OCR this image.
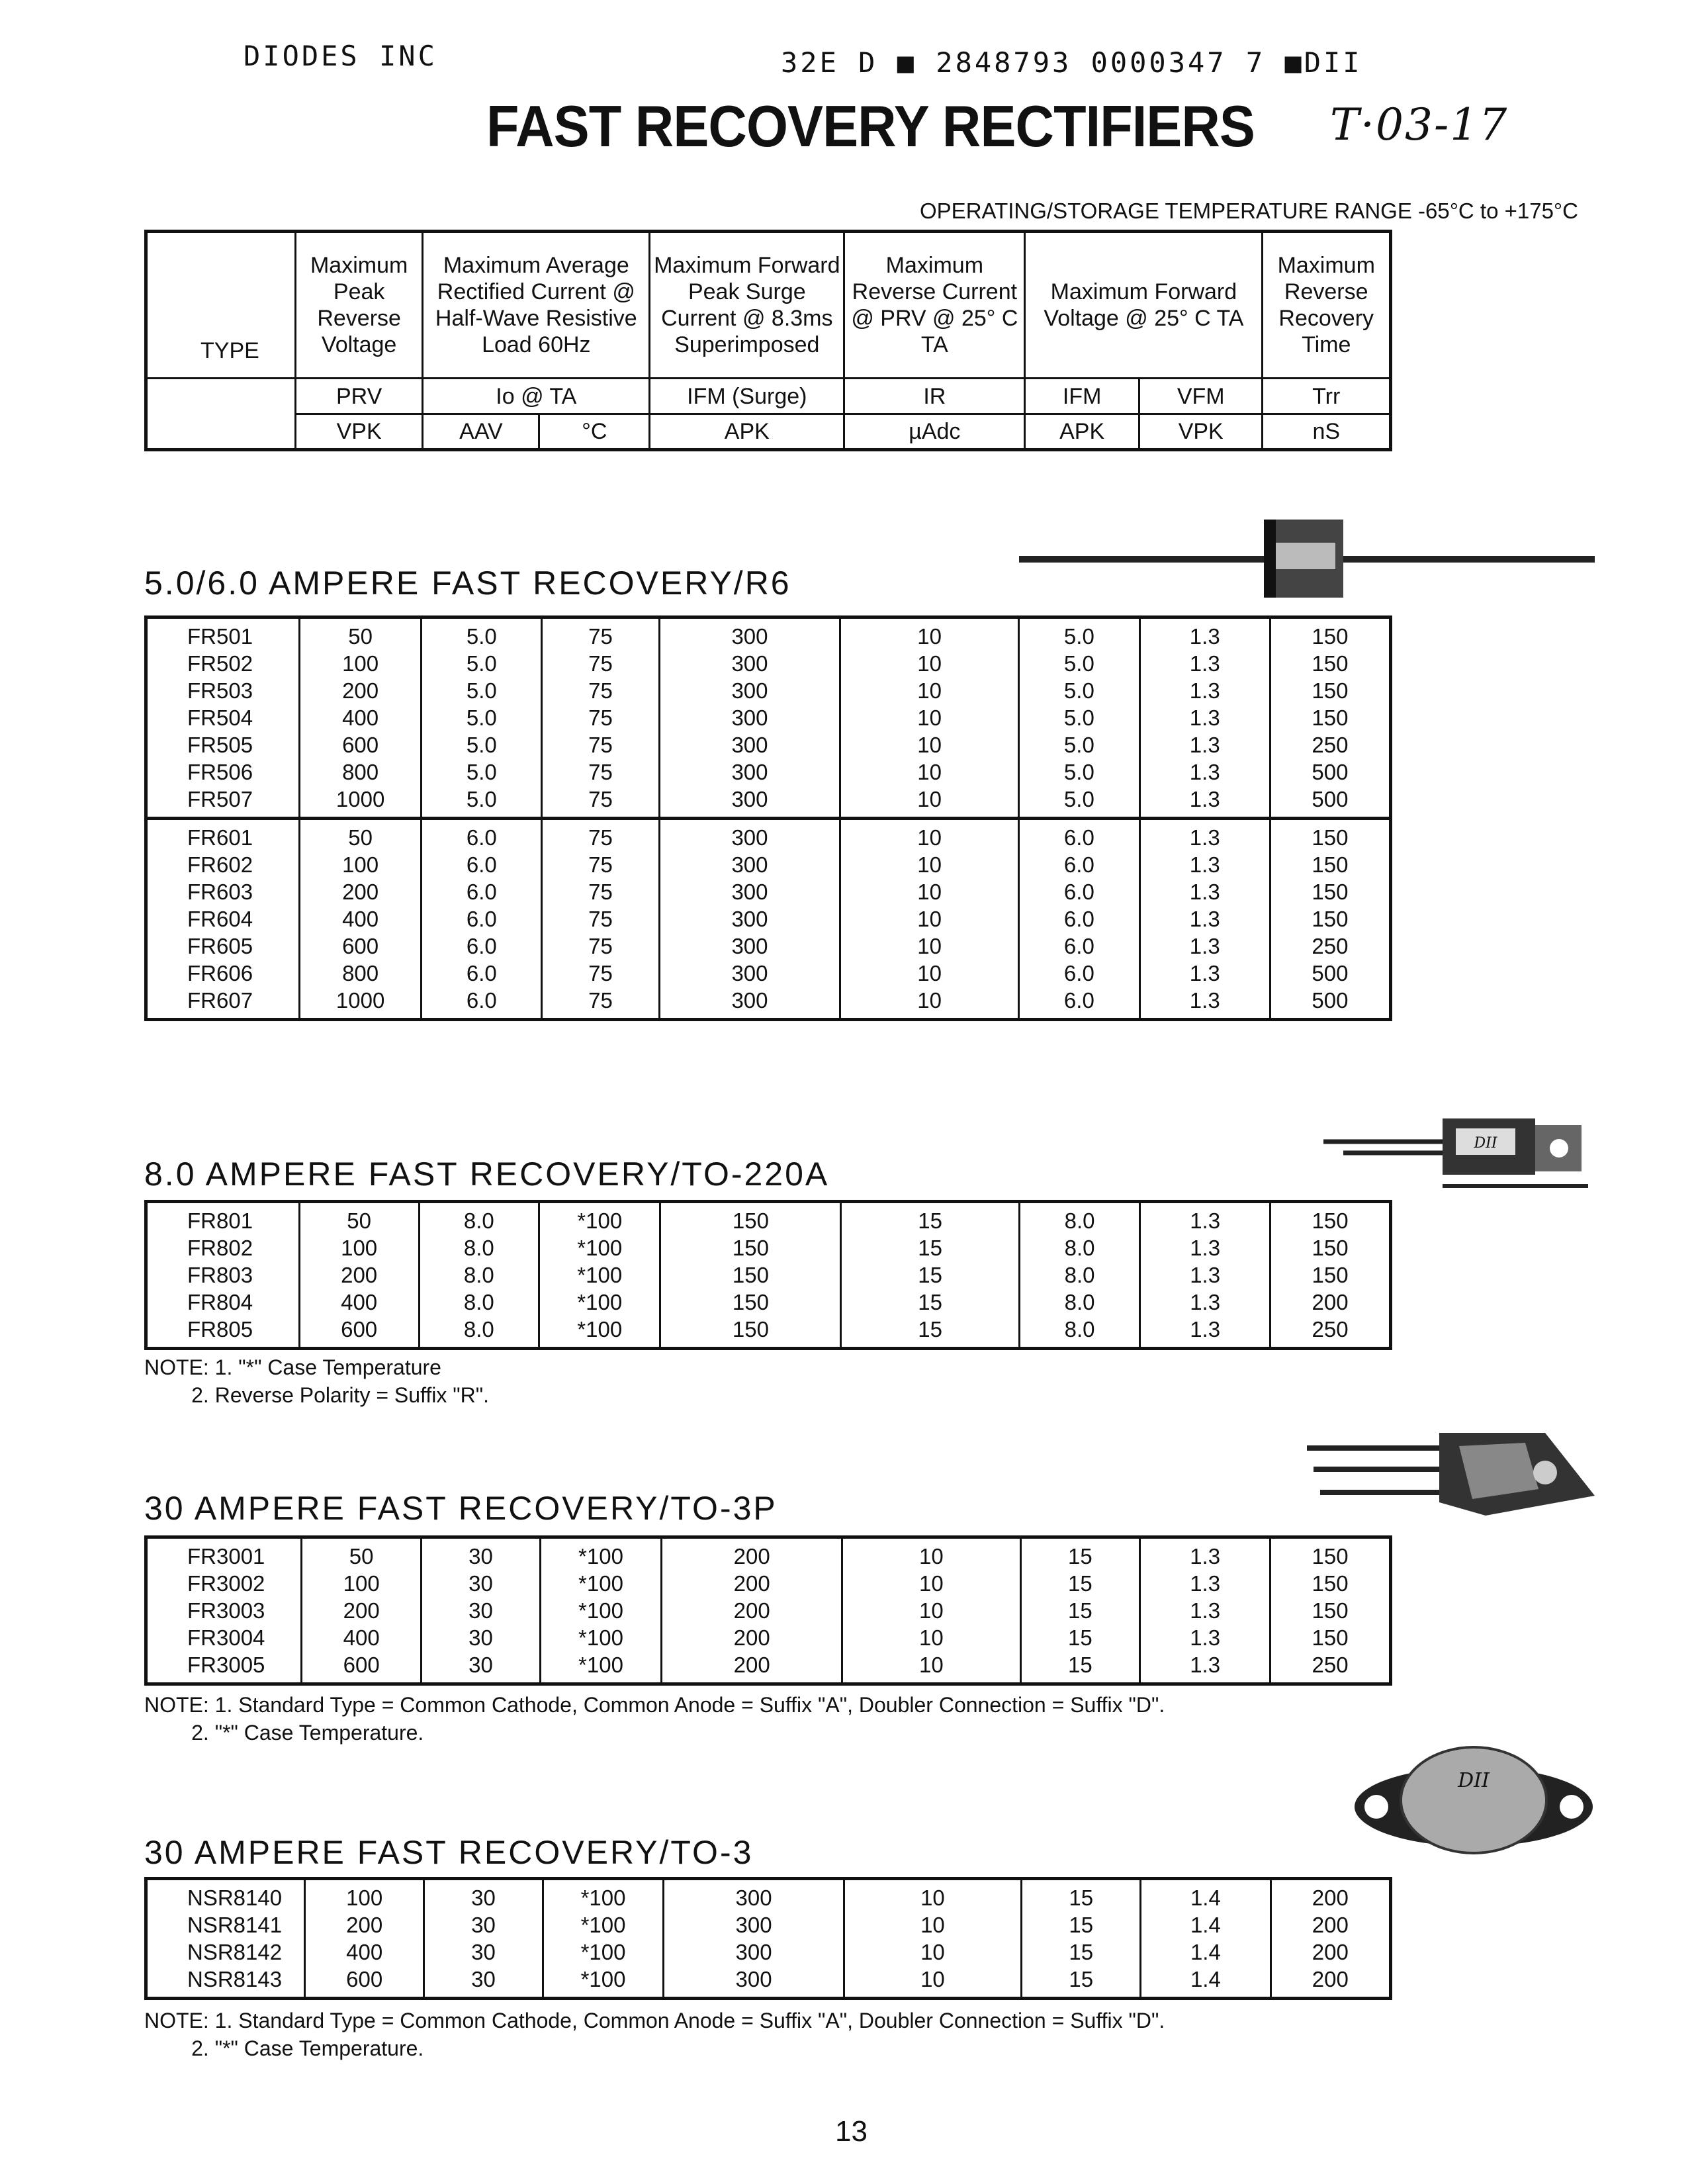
DIODES INC	32E D ■ 2848793 0000347 7 ■DII
FAST RECOVERY RECTIFIERS T·03-17
OPERATING/STORAGE TEMPERATURE RANGE -65°C to +175°C
TYPE	Maximum Peak Reverse Voltage	Maximum Average Rectified Current @ Half-Wave Resistive Load 60Hz		Maximum Forward Peak Surge Current @ 8.3ms Superimposed	Maximum Reverse Current @ PRV @ 25° C TA	Maximum Forward Voltage @ 25° C TA		Maximum Reverse Recovery Time
	PRV	Io @ TA		IFM (Surge)	IR	IFM	VFM	Trr
	VPK	AAV	°C	APK	µAdc	APK	VPK	nS
5.0/6.0 AMPERE FAST RECOVERY/R6
FR501	50	5.0	75	300	10	5.0	1.3	150
FR502	100	5.0	75	300	10	5.0	1.3	150
FR503	200	5.0	75	300	10	5.0	1.3	150
FR504	400	5.0	75	300	10	5.0	1.3	150
FR505	600	5.0	75	300	10	5.0	1.3	250
FR506	800	5.0	75	300	10	5.0	1.3	500
FR507	1000	5.0	75	300	10	5.0	1.3	500
FR601	50	6.0	75	300	10	6.0	1.3	150
FR602	100	6.0	75	300	10	6.0	1.3	150
FR603	200	6.0	75	300	10	6.0	1.3	150
FR604	400	6.0	75	300	10	6.0	1.3	150
FR605	600	6.0	75	300	10	6.0	1.3	250
FR606	800	6.0	75	300	10	6.0	1.3	500
FR607	1000	6.0	75	300	10	6.0	1.3	500
DII
8.0 AMPERE FAST RECOVERY/TO-220A
FR801	50	8.0	*100	150	15	8.0	1.3	150
FR802	100	8.0	*100	150	15	8.0	1.3	150
FR803	200	8.0	*100	150	15	8.0	1.3	150
FR804	400	8.0	*100	150	15	8.0	1.3	200
FR805	600	8.0	*100	150	15	8.0	1.3	250
NOTE: 1. "*" Case Temperature
2. Reverse Polarity = Suffix "R".
30 AMPERE FAST RECOVERY/TO-3P
FR3001	50	30	*100	200	10	15	1.3	150
FR3002	100	30	*100	200	10	15	1.3	150
FR3003	200	30	*100	200	10	15	1.3	150
FR3004	400	30	*100	200	10	15	1.3	150
FR3005	600	30	*100	200	10	15	1.3	250
NOTE: 1. Standard Type = Common Cathode, Common Anode = Suffix "A", Doubler Connection = Suffix "D".
2. "*" Case Temperature.
DII
30 AMPERE FAST RECOVERY/TO-3
NSR8140	100	30	*100	300	10	15	1.4	200
NSR8141	200	30	*100	300	10	15	1.4	200
NSR8142	400	30	*100	300	10	15	1.4	200
NSR8143	600	30	*100	300	10	15	1.4	200
NOTE: 1. Standard Type = Common Cathode, Common Anode = Suffix "A", Doubler Connection = Suffix "D".
2. "*" Case Temperature.
13
